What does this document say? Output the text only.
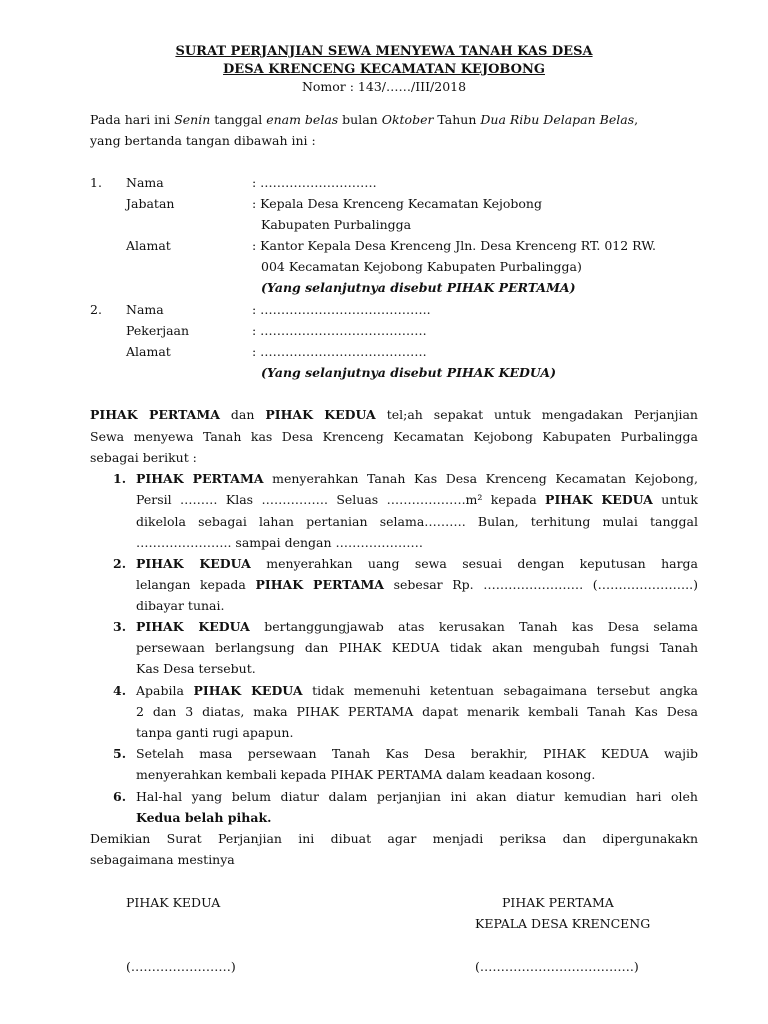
SURAT PERJANJIAN SEWA MENYEWA TANAH KAS DESA
DESA KRENCENG KECAMATAN KEJOBONG
Nomor : 143/……/III/2018
Pada hari ini Senin tanggal enam belas bulan Oktober Tahun Dua Ribu Delapan Belas,
yang bertanda tangan dibawah ini :
1. Nama	: ……………………….
Jabatan	: Kepala Desa Krenceng Kecamatan Kejobong
Kabupaten Purbalingga
Alamat	: Kantor Kepala Desa Krenceng Jln. Desa Krenceng RT. 012 RW.
004 Kecamatan Kejobong Kabupaten Purbalingga)
(Yang selanjutnya disebut PIHAK PERTAMA)
2. Nama	: …………………………………..
Pekerjaan	: ………………………………….
Alamat	: ………………………………….
(Yang selanjutnya disebut PIHAK KEDUA)
PIHAK PERTAMA dan PIHAK KEDUA tel;ah sepakat untuk mengadakan Perjanjian
Sewa menyewa Tanah kas Desa Krenceng Kecamatan Kejobong Kabupaten Purbalingga
sebagai berikut :
1. PIHAK PERTAMA menyerahkan Tanah Kas Desa Krenceng Kecamatan Kejobong,
Persil ……… Klas ……………. Seluas ……………….m² kepada PIHAK KEDUA untuk
dikelola sebagai lahan pertanian selama………. Bulan, terhitung mulai tanggal
………………….. sampai dengan …………………
2. PIHAK KEDUA menyerahkan uang sewa sesuai dengan keputusan harga
lelangan kepada PIHAK PERTAMA sebesar Rp. …………………… (…………………..)
dibayar tunai.
3. PIHAK KEDUA bertanggungjawab atas kerusakan Tanah kas Desa selama
persewaan berlangsung dan PIHAK KEDUA tidak akan mengubah fungsi Tanah
Kas Desa tersebut.
4. Apabila PIHAK KEDUA tidak memenuhi ketentuan sebagaimana tersebut angka
2 dan 3 diatas, maka PIHAK PERTAMA dapat menarik kembali Tanah Kas Desa
tanpa ganti rugi apapun.
5. Setelah masa persewaan Tanah Kas Desa berakhir, PIHAK KEDUA wajib
menyerahkan kembali kepada PIHAK PERTAMA dalam keadaan kosong.
6. Hal-hal yang belum diatur dalam perjanjian ini akan diatur kemudian hari oleh
Kedua belah pihak.
Demikian Surat Perjanjian ini dibuat agar menjadi periksa dan dipergunakakn
sebagaimana mestinya
PIHAK KEDUA	PIHAK PERTAMA
KEPALA DESA KRENCENG
(……………………)	(……………………………….)
